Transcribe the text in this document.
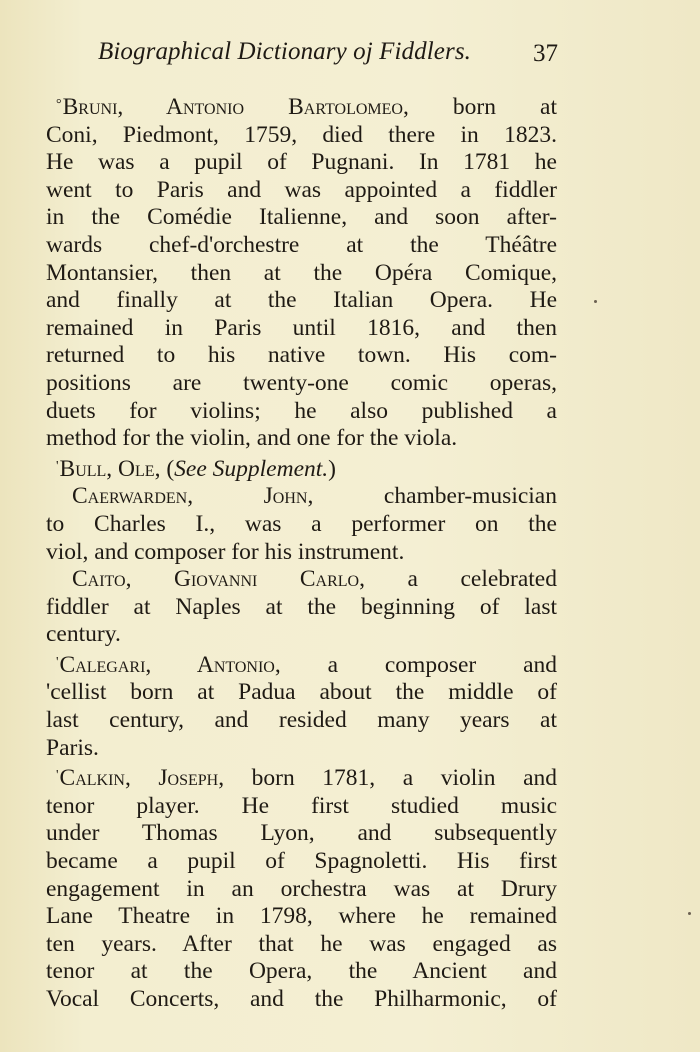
Biographical Dictionary oj Fiddlers. 37
°Bruni, Antonio Bartolomeo, born at
Coni, Piedmont, 1759, died there in 1823.
He was a pupil of Pugnani. In 1781 he
went to Paris and was appointed a fiddler
in the Comédie Italienne, and soon after-
wards chef-d'orchestre at the Théâtre
Montansier, then at the Opéra Comique,
and finally at the Italian Opera. He
remained in Paris until 1816, and then
returned to his native town. His com-
positions are twenty-one comic operas,
duets for violins; he also published a
method for the violin, and one for the viola.
'Bull, Ole, (See Supplement.)
Caerwarden, John, chamber-musician
to Charles I., was a performer on the
viol, and composer for his instrument.
Caito, Giovanni Carlo, a celebrated
fiddler at Naples at the beginning of last
century.
'Calegari, Antonio, a composer and
'cellist born at Padua about the middle of
last century, and resided many years at
Paris.
'Calkin, Joseph, born 1781, a violin and
tenor player. He first studied music
under Thomas Lyon, and subsequently
became a pupil of Spagnoletti. His first
engagement in an orchestra was at Drury
Lane Theatre in 1798, where he remained
ten years. After that he was engaged as
tenor at the Opera, the Ancient and
Vocal Concerts, and the Philharmonic, of
